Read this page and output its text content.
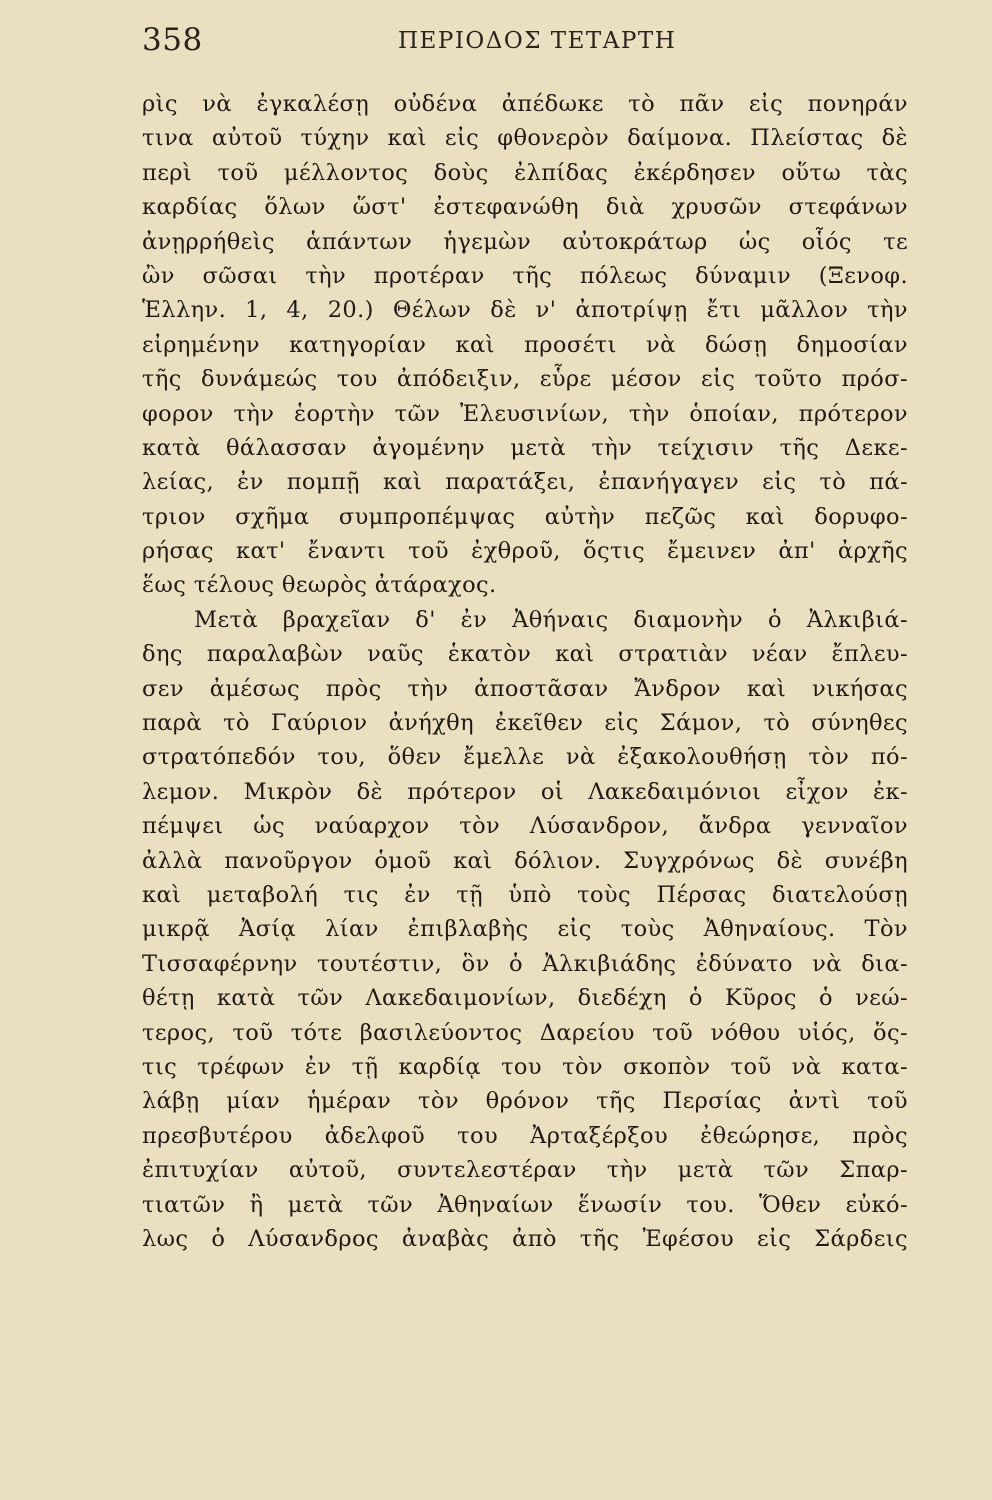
358	ΠΕΡΙΟΔΟΣ ΤΕΤΑΡΤΗ
ρὶς νὰ ἐγκαλέσῃ οὐδένα ἀπέδωκε τὸ πᾶν εἰς πονηράν
τινα αὐτοῦ τύχην καὶ εἰς φθονερὸν δαίμονα. Πλείστας δὲ
περὶ τοῦ μέλλοντος δοὺς ἐλπίδας ἐκέρδησεν οὕτω τὰς
καρδίας ὅλων ὥστ' ἐστεφανώθη διὰ χρυσῶν στεφάνων
ἀνῃρρήθεὶς ἁπάντων ἡγεμὼν αὐτοκράτωρ ὡς οἷός τε
ὢν σῶσαι τὴν προτέραν τῆς πόλεως δύναμιν (Ξενοφ.
Ἑλλην. 1, 4, 20.) Θέλων δὲ ν' ἀποτρίψῃ ἔτι μᾶλλον τὴν
εἰρημένην κατηγορίαν καὶ προσέτι νὰ δώσῃ δημοσίαν
τῆς δυνάμεώς του ἀπόδειξιν, εὗρε μέσον εἰς τοῦτο πρόσ-
φορον τὴν ἑορτὴν τῶν Ἐλευσινίων, τὴν ὁποίαν, πρότερον
κατὰ θάλασσαν ἀγομένην μετὰ τὴν τείχισιν τῆς Δεκε-
λείας, ἐν πομπῇ καὶ παρατάξει, ἐπανήγαγεν εἰς τὸ πά-
τριον σχῆμα συμπροπέμψας αὐτὴν πεζῶς καὶ δορυφο-
ρήσας κατ' ἔναντι τοῦ ἐχθροῦ, ὅςτις ἔμεινεν ἀπ' ἀρχῆς
ἕως τέλους θεωρὸς ἀτάραχος.
Μετὰ βραχεῖαν δ' ἐν Ἀθήναις διαμονὴν ὁ Ἀλκιβιά-
δης παραλαβὼν ναῦς ἑκατὸν καὶ στρατιὰν νέαν ἔπλευ-
σεν ἀμέσως πρὸς τὴν ἀποστᾶσαν Ἄνδρον καὶ νικήσας
παρὰ τὸ Γαύριον ἀνήχθη ἐκεῖθεν εἰς Σάμον, τὸ σύνηθες
στρατόπεδόν του, ὅθεν ἔμελλε νὰ ἐξακολουθήσῃ τὸν πό-
λεμον. Μικρὸν δὲ πρότερον οἱ Λακεδαιμόνιοι εἶχον ἐκ-
πέμψει ὡς ναύαρχον τὸν Λύσανδρον, ἄνδρα γενναῖον
ἀλλὰ πανοῦργον ὁμοῦ καὶ δόλιον. Συγχρόνως δὲ συνέβη
καὶ μεταβολή τις ἐν τῇ ὑπὸ τοὺς Πέρσας διατελούσῃ
μικρᾷ Ἀσίᾳ λίαν ἐπιβλαβὴς εἰς τοὺς Ἀθηναίους. Τὸν
Τισσαφέρνην τουτέστιν, ὃν ὁ Ἀλκιβιάδης ἐδύνατο νὰ δια-
θέτῃ κατὰ τῶν Λακεδαιμονίων, διεδέχη ὁ Κῦρος ὁ νεώ-
τερος, τοῦ τότε βασιλεύοντος Δαρείου τοῦ νόθου υἱός, ὅς-
τις τρέφων ἐν τῇ καρδίᾳ του τὸν σκοπὸν τοῦ νὰ κατα-
λάβῃ μίαν ἡμέραν τὸν θρόνον τῆς Περσίας ἀντὶ τοῦ
πρεσβυτέρου ἀδελφοῦ του Ἀρταξέρξου ἐθεώρησε, πρὸς
ἐπιτυχίαν αὐτοῦ, συντελεστέραν τὴν μετὰ τῶν Σπαρ-
τιατῶν ἢ μετὰ τῶν Ἀθηναίων ἕνωσίν του. Ὅθεν εὐκό-
λως ὁ Λύσανδρος ἀναβὰς ἀπὸ τῆς Ἐφέσου εἰς Σάρδεις
